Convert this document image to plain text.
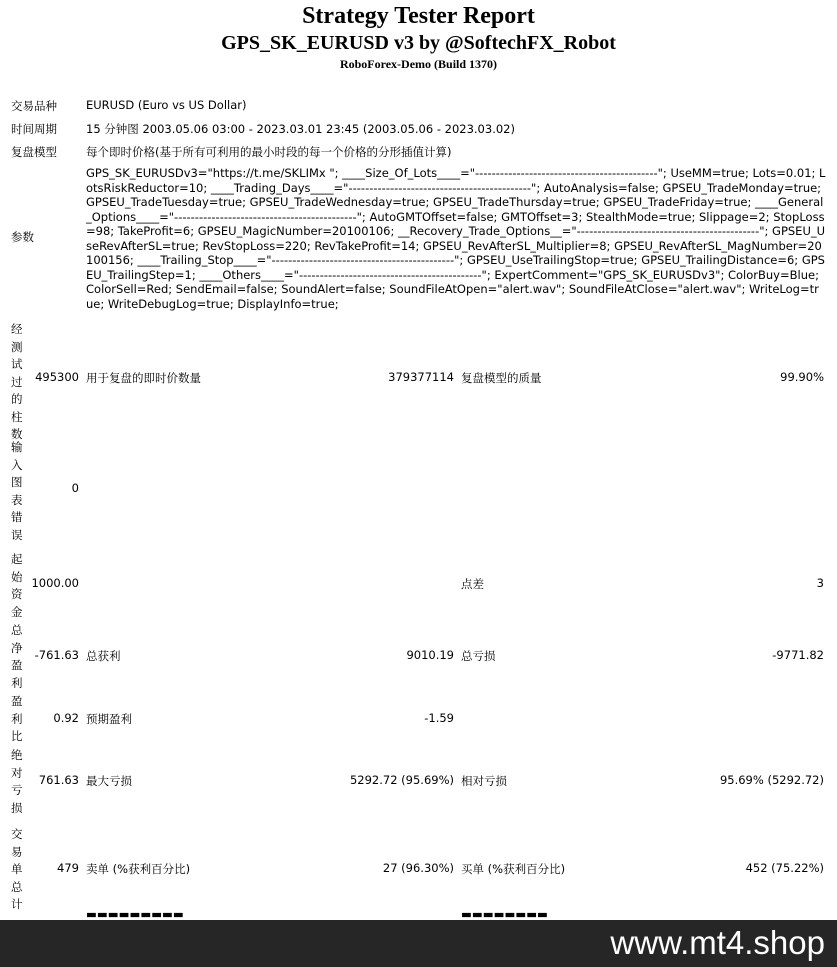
Strategy Tester Report
GPS_SK_EURUSD v3 by @SoftechFX_Robot
RoboForex-Demo (Build 1370)
交易品种	EURUSD (Euro vs US Dollar)
时间周期	15 分钟图 2003.05.06 03:00 - 2023.03.01 23:45 (2003.05.06 - 2023.03.02)
复盘模型	每个即时价格(基于所有可利用的最小时段的每一个价格的分形插值计算)
参数
GPS_SK_EURUSDv3="https://t.me/SKLIMx "; ____Size_Of_Lots____="--------------------------------------------"; UseMM=true; Lots=0.01; LotsRiskReductor=10; ____Trading_Days____="--------------------------------------------"; AutoAnalysis=false; GPSEU_TradeMonday=true; GPSEU_TradeTuesday=true; GPSEU_TradeWednesday=true; GPSEU_TradeThursday=true; GPSEU_TradeFriday=true; ____General_Options____="--------------------------------------------"; AutoGMTOffset=false; GMTOffset=3; StealthMode=true; Slippage=2; StopLoss=98; TakeProfit=6; GPSEU_MagicNumber=20100106; __Recovery_Trade_Options__="--------------------------------------------"; GPSEU_UseRevAfterSL=true; RevStopLoss=220; RevTakeProfit=14; GPSEU_RevAfterSL_Multiplier=8; GPSEU_RevAfterSL_MagNumber=20100156; ____Trailing_Stop____="--------------------------------------------"; GPSEU_UseTrailingStop=true; GPSEU_TrailingDistance=6; GPSEU_TrailingStep=1; ____Others____="--------------------------------------------"; ExpertComment="GPS_SK_EURUSDv3"; ColorBuy=Blue; ColorSell=Red; SendEmail=false; SoundAlert=false; SoundFileAtOpen="alert.wav"; SoundFileAtClose="alert.wav"; WriteLog=true; WriteDebugLog=true; DisplayInfo=true;
经测试过的柱数
495300 用于复盘的即时价数量	379377114 复盘模型的质量	99.90%
输入图表错误
0
起始资金
1000.00	点差	3
总净盈利
-761.63 总获利	9010.19 总亏损	-9771.82
盈利比
0.92 预期盈利	-1.59
绝对亏损
761.63 最大亏损	5292.72 (95.69%) 相对亏损	95.69% (5292.72)
交易单总计
479 卖单 (%获利百分比)	27 (96.30%) 买单 (%获利百分比)	452 (75.22%)
▬▬▬▬▬▬▬▬▬	▬▬▬▬▬▬▬▬
www.mt4.shop
